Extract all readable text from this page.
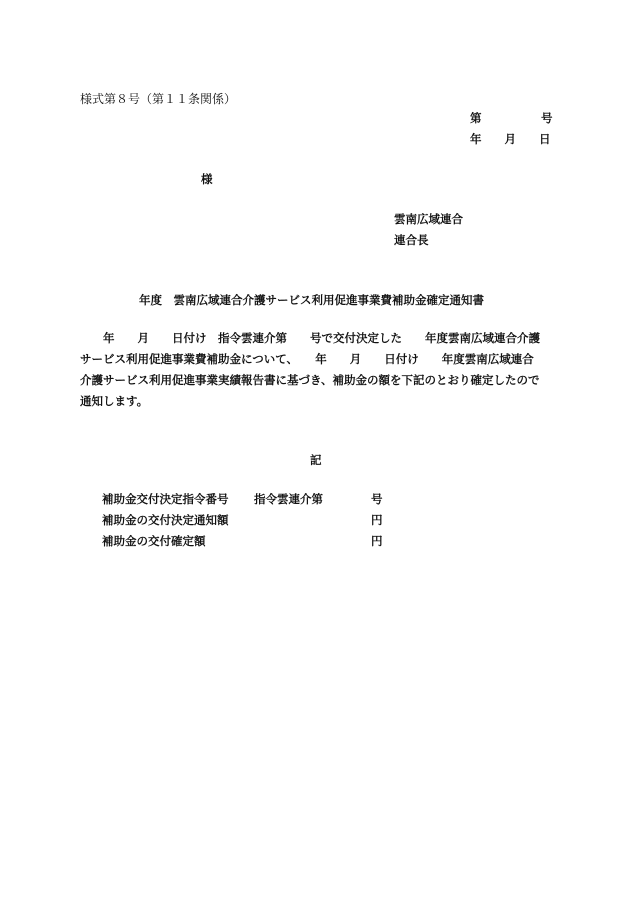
様式第８号（第１１条関係）
第	号
年　　月　　日
様
雲南広域連合
連合長
年度　雲南広域連合介護サービス利用促進事業費補助金確定通知書
　　年　　月　　日付け　指令雲連介第　　号で交付決定した　　年度雲南広域連合介護
サービス利用促進事業費補助金について、　　年　　月　　日付け　　年度雲南広域連合
介護サービス利用促進事業実績報告書に基づき、補助金の額を下記のとおり確定したので
通知します。
記
補助金交付決定指令番号 指令雲連介第	号
補助金の交付決定通知額	円
補助金の交付確定額	円
